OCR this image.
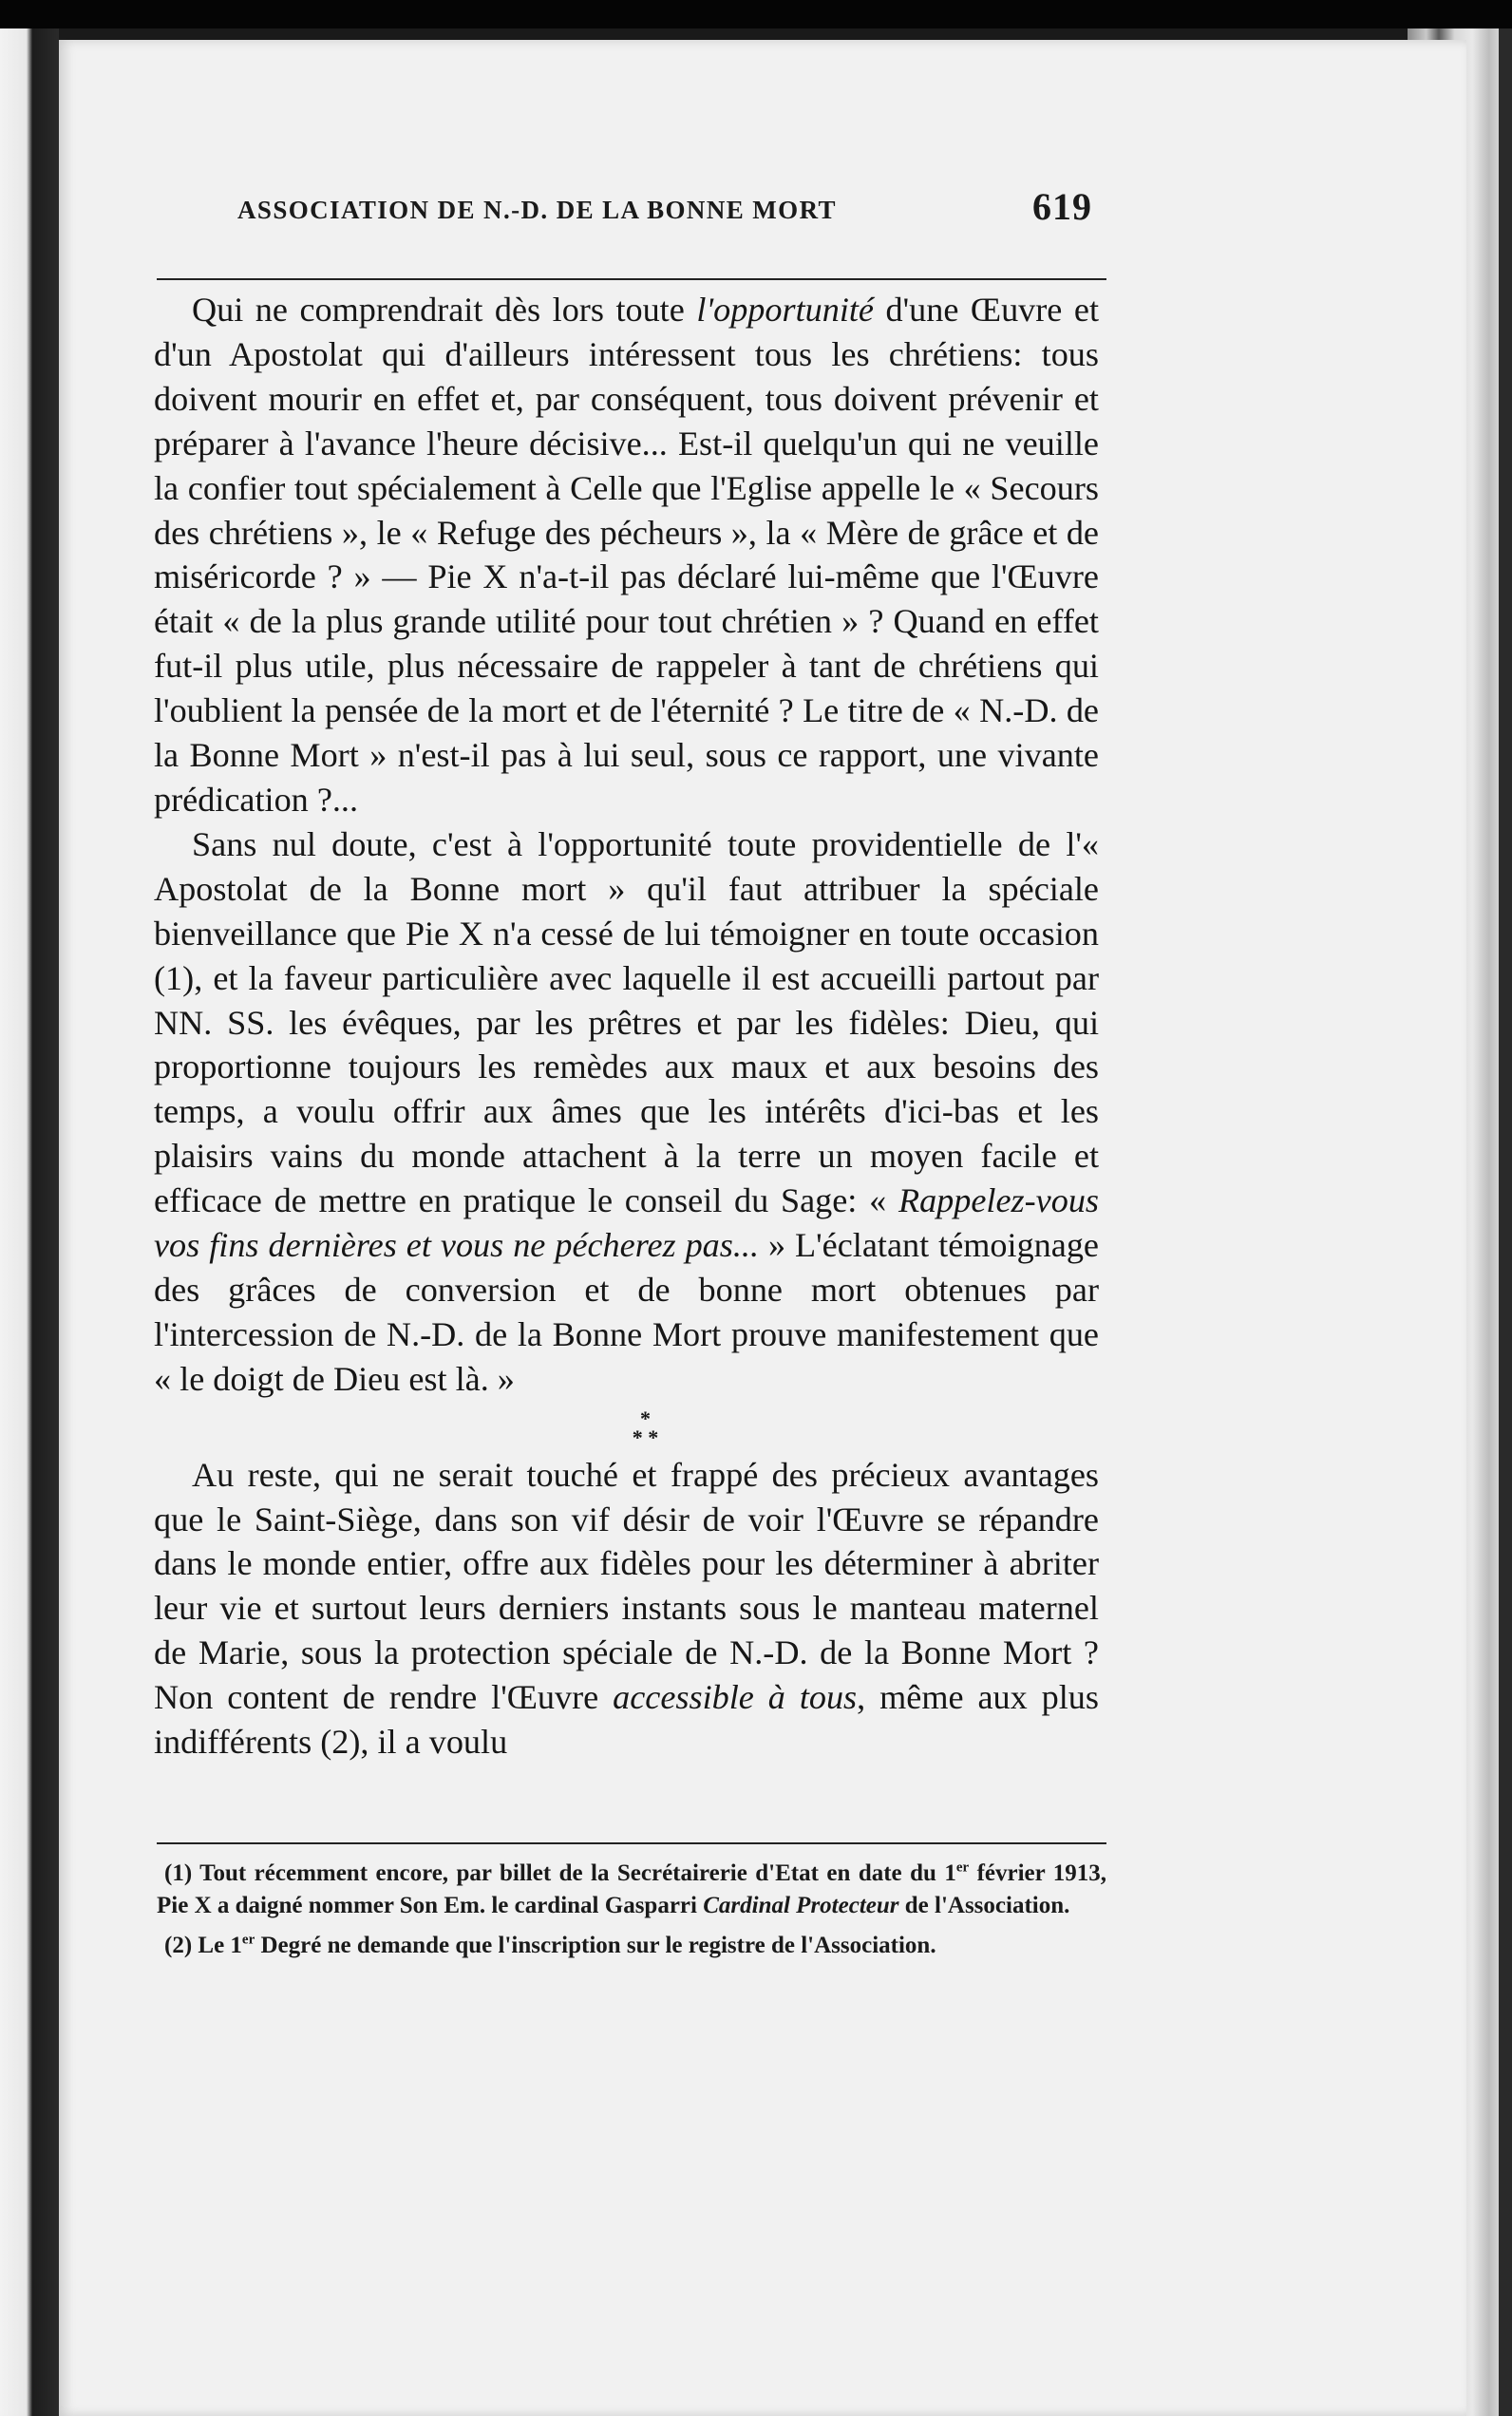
ASSOCIATION DE N.-D. DE LA BONNE MORT	619

Qui ne comprendrait dès lors toute l'opportunité d'une Œuvre et d'un Apostolat qui d'ailleurs intéressent tous les chrétiens: tous doivent mourir en effet et, par conséquent, tous doivent prévenir et préparer à l'avance l'heure décisive... Est-il quelqu'un qui ne veuille la confier tout spécialement à Celle que l'Eglise appelle le « Secours des chrétiens », le « Refuge des pécheurs », la « Mère de grâce et de miséricorde ? » — Pie X n'a-t-il pas déclaré lui-même que l'Œuvre était « de la plus grande utilité pour tout chrétien » ? Quand en effet fut-il plus utile, plus nécessaire de rappeler à tant de chrétiens qui l'oublient la pensée de la mort et de l'éternité ? Le titre de « N.-D. de la Bonne Mort » n'est-il pas à lui seul, sous ce rapport, une vivante prédication ?...

Sans nul doute, c'est à l'opportunité toute providentielle de l'« Apostolat de la Bonne mort » qu'il faut attribuer la spéciale bienveillance que Pie X n'a cessé de lui témoigner en toute occasion (1), et la faveur particulière avec laquelle il est accueilli partout par NN. SS. les évêques, par les prêtres et par les fidèles: Dieu, qui proportionne toujours les remèdes aux maux et aux besoins des temps, a voulu offrir aux âmes que les intérêts d'ici-bas et les plaisirs vains du monde attachent à la terre un moyen facile et efficace de mettre en pratique le conseil du Sage: « Rappelez-vous vos fins dernières et vous ne pécherez pas... » L'éclatant témoignage des grâces de conversion et de bonne mort obtenues par l'intercession de N.-D. de la Bonne Mort prouve manifestement que « le doigt de Dieu est là. »

*
* *

Au reste, qui ne serait touché et frappé des précieux avantages que le Saint-Siège, dans son vif désir de voir l'Œuvre se répandre dans le monde entier, offre aux fidèles pour les déterminer à abriter leur vie et surtout leurs derniers instants sous le manteau maternel de Marie, sous la protection spéciale de N.-D. de la Bonne Mort ? Non content de rendre l'Œuvre accessible à tous, même aux plus indifférents (2), il a voulu

(1) Tout récemment encore, par billet de la Secrétairerie d'Etat en date du 1er février 1913, Pie X a daigné nommer Son Em. le cardinal Gasparri Cardinal Protecteur de l'Association.

(2) Le 1er Degré ne demande que l'inscription sur le registre de l'Association.
